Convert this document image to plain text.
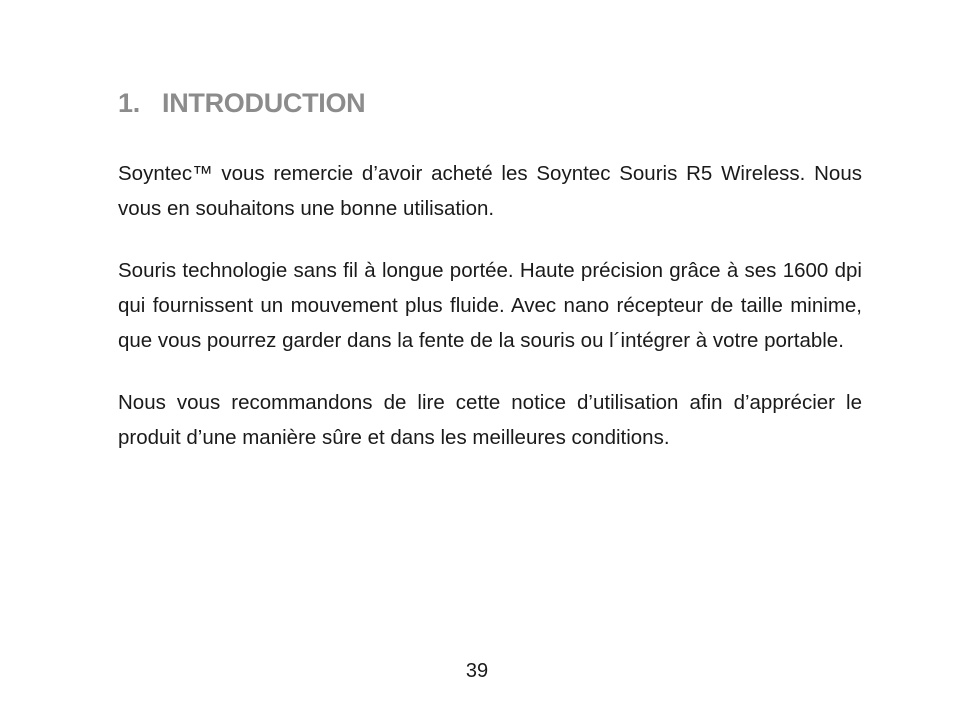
1. INTRODUCTION

Soyntec™ vous remercie d’avoir acheté les Soyntec Souris R5 Wireless. Nous vous en souhaitons une bonne utilisation.

Souris technologie sans fil à longue portée. Haute précision grâce à ses 1600 dpi qui fournissent un mouvement plus fluide. Avec nano récepteur de taille minime, que vous pourrez garder dans la fente de la souris ou l´intégrer à votre portable.

Nous vous recommandons de lire cette notice d’utilisation afin d’apprécier le produit d’une manière sûre et dans les meilleures conditions.

39
